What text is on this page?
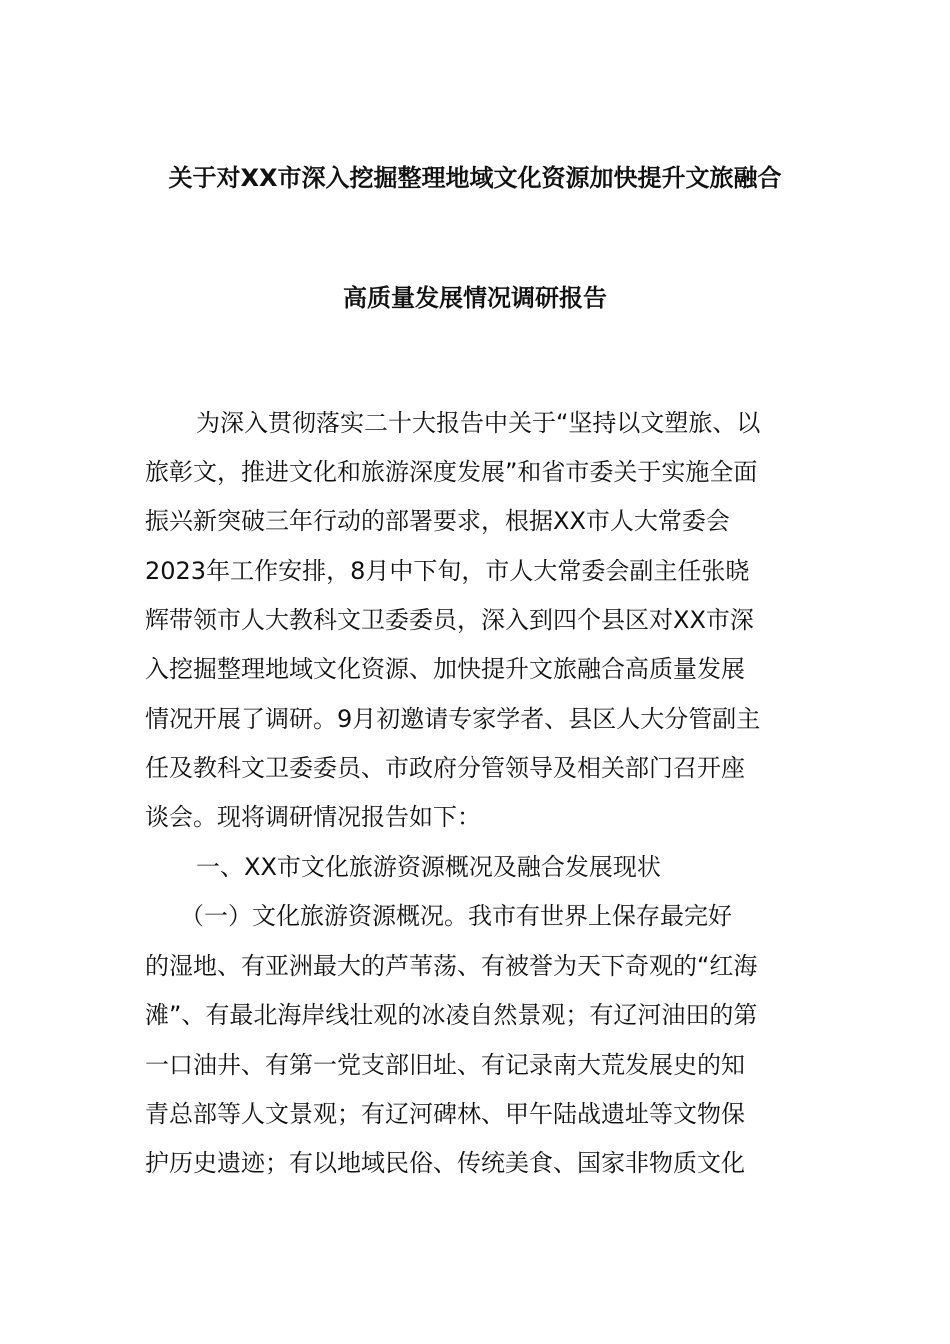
关于对XX市深入挖掘整理地域文化资源加快提升文旅融合
高质量发展情况调研报告
为深入贯彻落实二十大报告中关于“坚持以文塑旅、以
旅彰文，推进文化和旅游深度发展”和省市委关于实施全面
振兴新突破三年行动的部署要求，根据XX市人大常委会
2023年工作安排，8月中下旬，市人大常委会副主任张晓
辉带领市人大教科文卫委委员，深入到四个县区对XX市深
入挖掘整理地域文化资源、加快提升文旅融合高质量发展
情况开展了调研。9月初邀请专家学者、县区人大分管副主
任及教科文卫委委员、市政府分管领导及相关部门召开座
谈会。现将调研情况报告如下：
一、XX市文化旅游资源概况及融合发展现状
（一）文化旅游资源概况。我市有世界上保存最完好
的湿地、有亚洲最大的芦苇荡、有被誉为天下奇观的“红海
滩”、有最北海岸线壮观的冰凌自然景观；有辽河油田的第
一口油井、有第一党支部旧址、有记录南大荒发展史的知
青总部等人文景观；有辽河碑林、甲午陆战遗址等文物保
护历史遗迹；有以地域民俗、传统美食、国家非物质文化
